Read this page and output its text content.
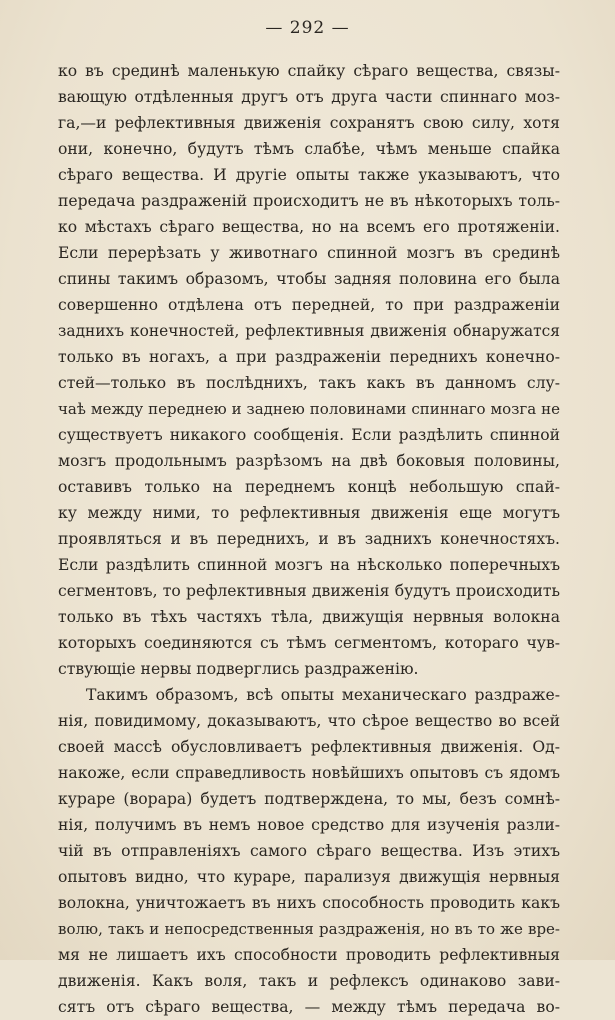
— 292 —
ко въ срединѣ маленькую спайку сѣраго вещества, связы-
вающую отдѣленныя другъ отъ друга части спиннаго моз-
га,—и рефлективныя движенія сохранятъ свою силу, хотя
они, конечно, будутъ тѣмъ слабѣе, чѣмъ меньше спайка
сѣраго вещества. И другіе опыты также указываютъ, что
передача раздраженій происходитъ не въ нѣкоторыхъ толь-
ко мѣстахъ сѣраго вещества, но на всемъ его протяженіи.
Если перерѣзать у животнаго спинной мозгъ въ срединѣ
спины такимъ образомъ, чтобы задняя половина его была
совершенно отдѣлена отъ передней, то при раздраженіи
заднихъ конечностей, рефлективныя движенія обнаружатся
только въ ногахъ, а при раздраженіи переднихъ конечно-
стей—только въ послѣднихъ, такъ какъ въ данномъ слу-
чаѣ между переднею и заднею половинами спиннаго мозга не
существуетъ никакого сообщенія. Если раздѣлить спинной
мозгъ продольнымъ разрѣзомъ на двѣ боковыя половины,
оставивъ только на переднемъ концѣ небольшую спай-
ку между ними, то рефлективныя движенія еще могутъ
проявляться и въ переднихъ, и въ заднихъ конечностяхъ.
Если раздѣлить спинной мозгъ на нѣсколько поперечныхъ
сегментовъ, то рефлективныя движенія будутъ происходить
только въ тѣхъ частяхъ тѣла, движущія нервныя волокна
которыхъ соединяются съ тѣмъ сегментомъ, котораго чув-
ствующіе нервы подверглись раздраженію.
Такимъ образомъ, всѣ опыты механическаго раздраже-
нія, повидимому, доказываютъ, что сѣрое вещество во всей
своей массѣ обусловливаетъ рефлективныя движенія. Од-
накоже, если справедливость новѣйшихъ опытовъ съ ядомъ
кураре (ворара) будетъ подтверждена, то мы, безъ сомнѣ-
нія, получимъ въ немъ новое средство для изученія разли-
чій въ отправленіяхъ самого сѣраго вещества. Изъ этихъ
опытовъ видно, что кураре, парализуя движущія нервныя
волокна, уничтожаетъ въ нихъ способность проводить какъ
волю, такъ и непосредственныя раздраженія, но въ то же вре-
мя не лишаетъ ихъ способности проводить рефлективныя
движенія. Какъ воля, такъ и рефлексъ одинаково зави-
сятъ отъ сѣраго вещества, — между тѣмъ передача во-
